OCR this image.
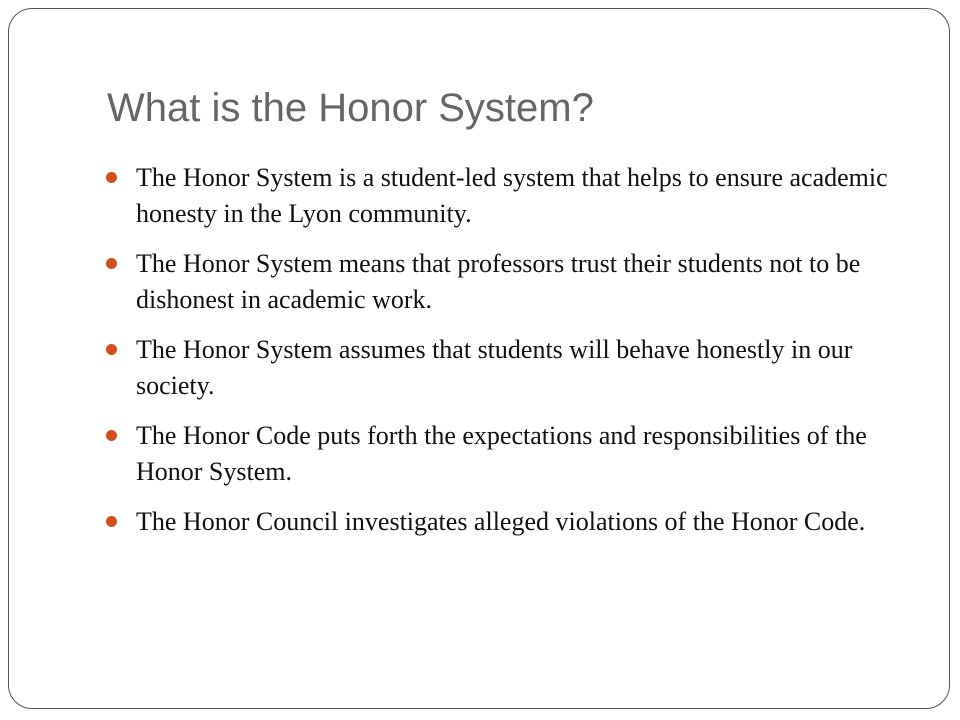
What is the Honor System?
The Honor System is a student-led system that helps to ensure academic honesty in the Lyon community.
The Honor System means that professors trust their students not to be dishonest in academic work.
The Honor System assumes that students will behave honestly in our society.
The Honor Code puts forth the expectations and responsibilities of the Honor System.
The Honor Council investigates alleged violations of the Honor Code.
